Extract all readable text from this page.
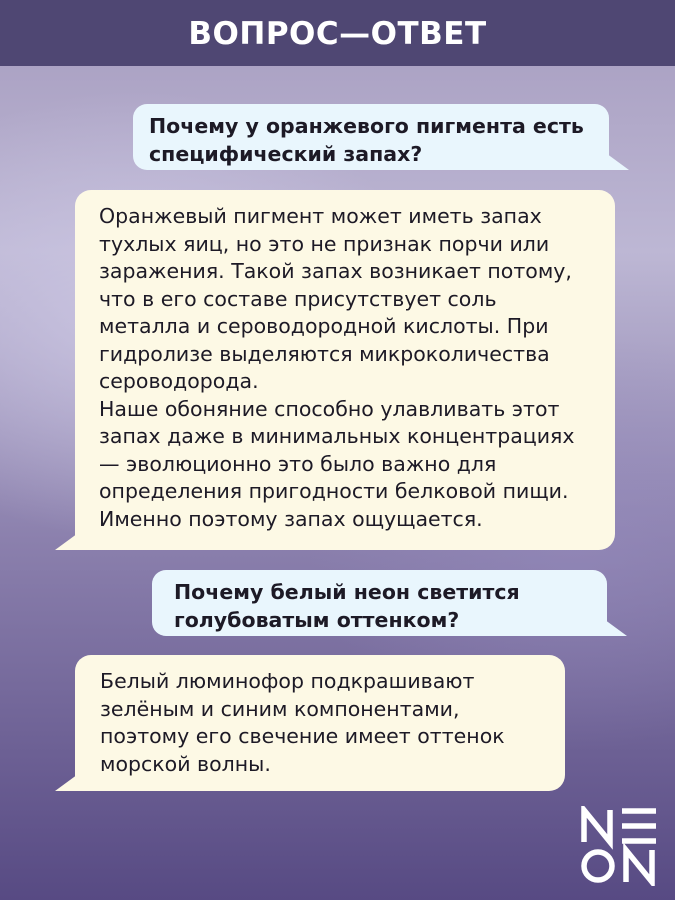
ВОПРОС—ОТВЕТ
Почему у оранжевого пигмента есть специфический запах?
Оранжевый пигмент может иметь запах тухлых яиц, но это не признак порчи или заражения. Такой запах возникает потому, что в его составе присутствует соль металла и сероводородной кислоты. При гидролизе выделяются микроколичества сероводорода.
Наше обоняние способно улавливать этот запах даже в минимальных концентрациях — эволюционно это было важно для определения пригодности белковой пищи. Именно поэтому запах ощущается.
Почему белый неон светится голубоватым оттенком?
Белый люминофор подкрашивают зелёным и синим компонентами, поэтому его свечение имеет оттенок морской волны.
